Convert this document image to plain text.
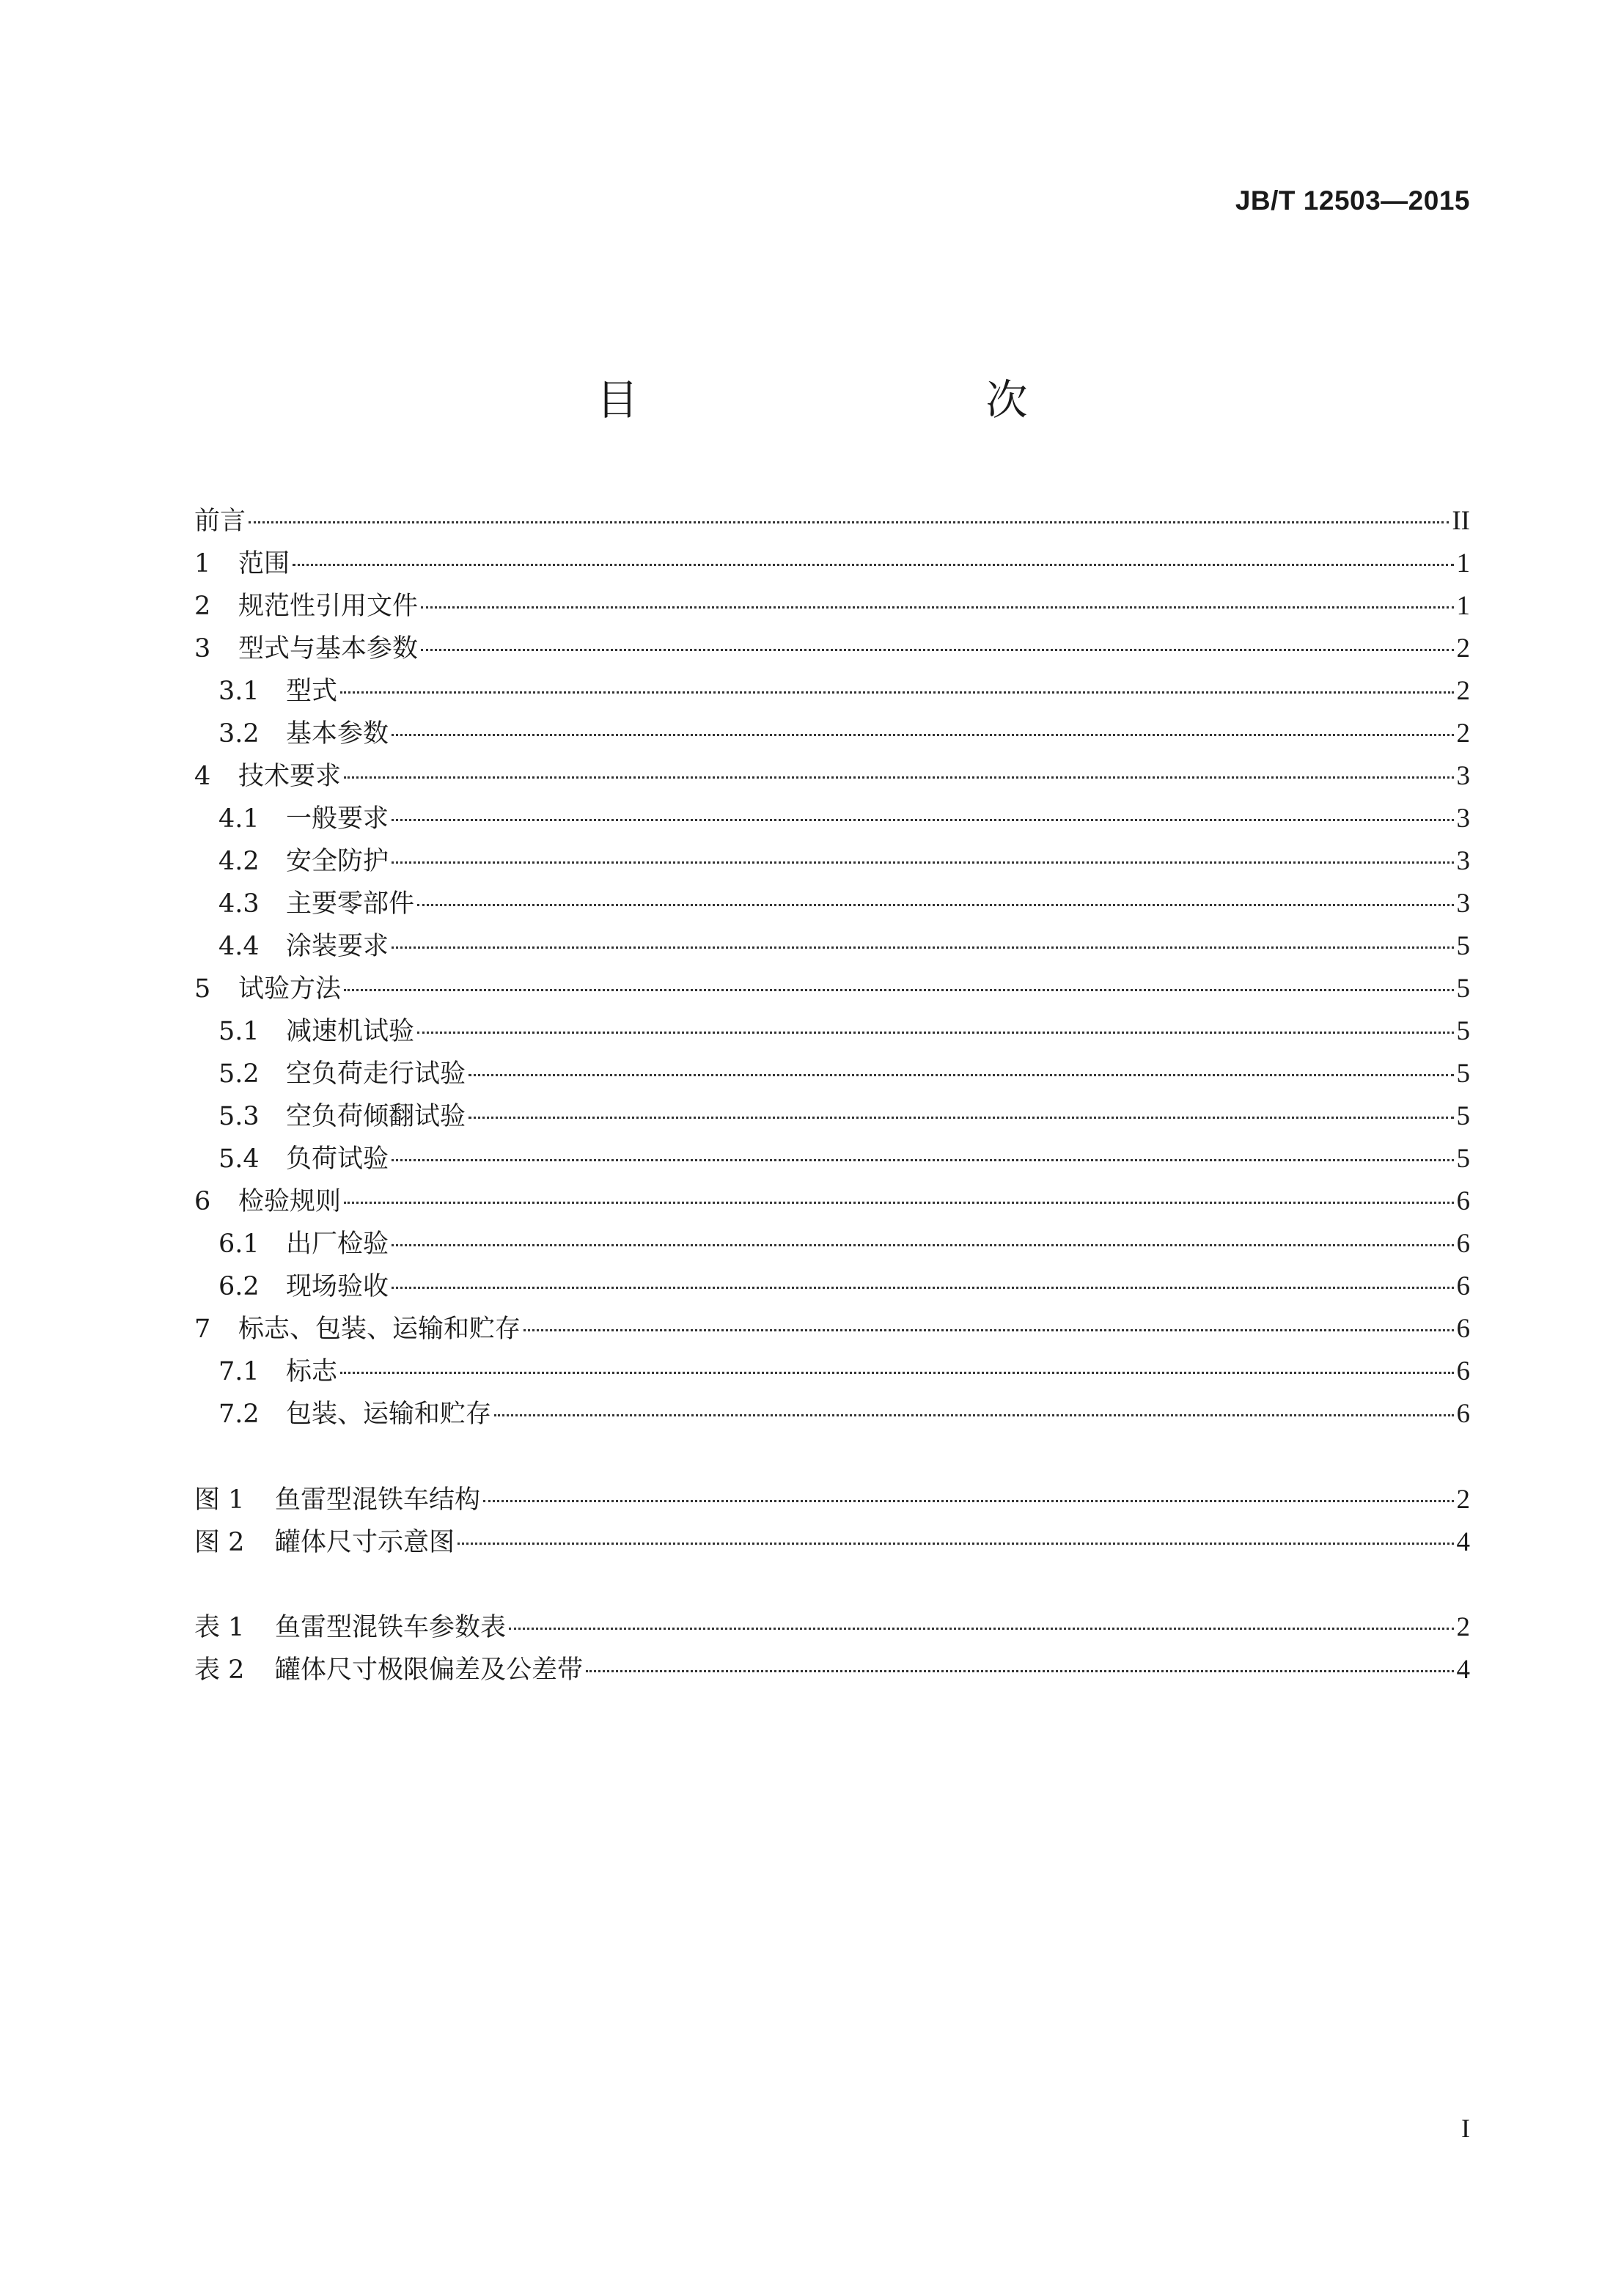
JB/T 12503—2015
目　　次
前言	II
1	范围	1
2	规范性引用文件	1
3	型式与基本参数	2
3.1	型式	2
3.2	基本参数	2
4	技术要求	3
4.1	一般要求	3
4.2	安全防护	3
4.3	主要零部件	3
4.4	涂装要求	5
5	试验方法	5
5.1	减速机试验	5
5.2	空负荷走行试验	5
5.3	空负荷倾翻试验	5
5.4	负荷试验	5
6	检验规则	6
6.1	出厂检验	6
6.2	现场验收	6
7	标志、包装、运输和贮存	6
7.1	标志	6
7.2	包装、运输和贮存	6
图 1	鱼雷型混铁车结构	2
图 2	罐体尺寸示意图	4
表 1	鱼雷型混铁车参数表	2
表 2	罐体尺寸极限偏差及公差带	4
I
